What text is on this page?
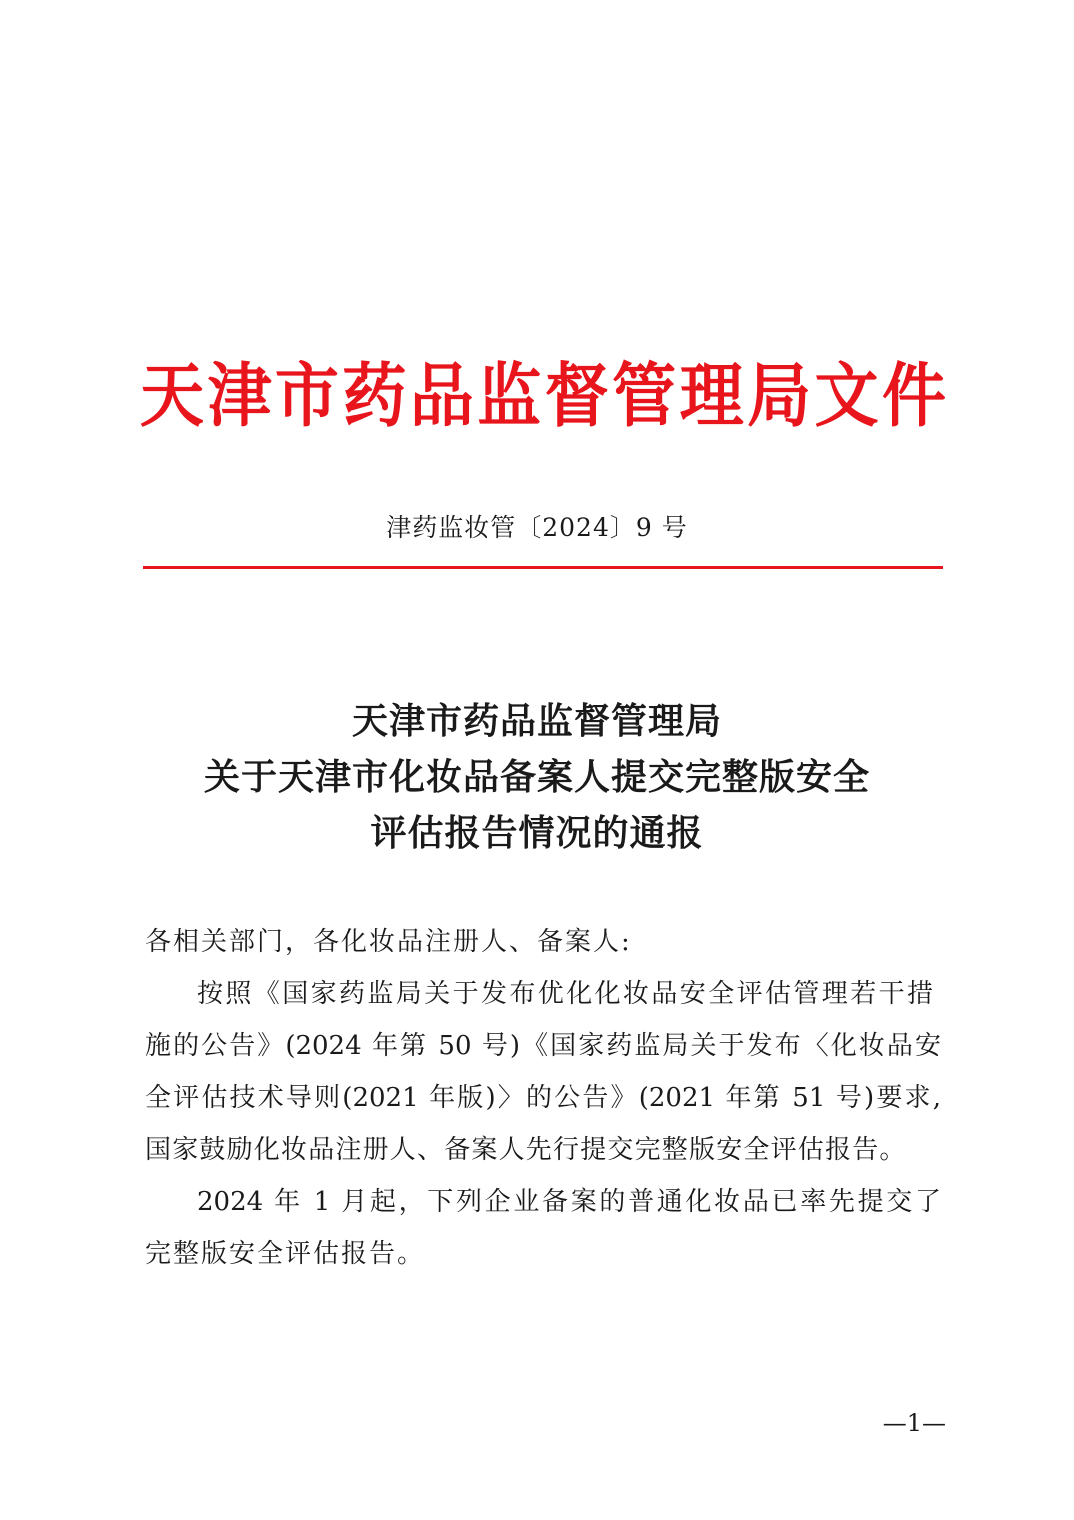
天 津 市 药 品 监 督 管 理 局 文 件
津药监妆管〔2024〕9 号
天津市药品监督管理局
关于天津市化妆品备案人提交完整版安全
评估报告情况的通报
各相关部门，各化妆品注册人、备案人:
按照《国家药监局关于发布优化化妆品安全评估管理若干措
施的公告》(2024 年第 50 号)《国家药监局关于发布〈化妆品安
全评估技术导则(2021 年版)〉的公告》(2021 年第 51 号)要求,
国家鼓励化妆品注册人、备案人先行提交完整版安全评估报告。
2024 年 1 月起，下列企业备案的普通化妆品已率先提交了
完整版安全评估报告。
—1—
